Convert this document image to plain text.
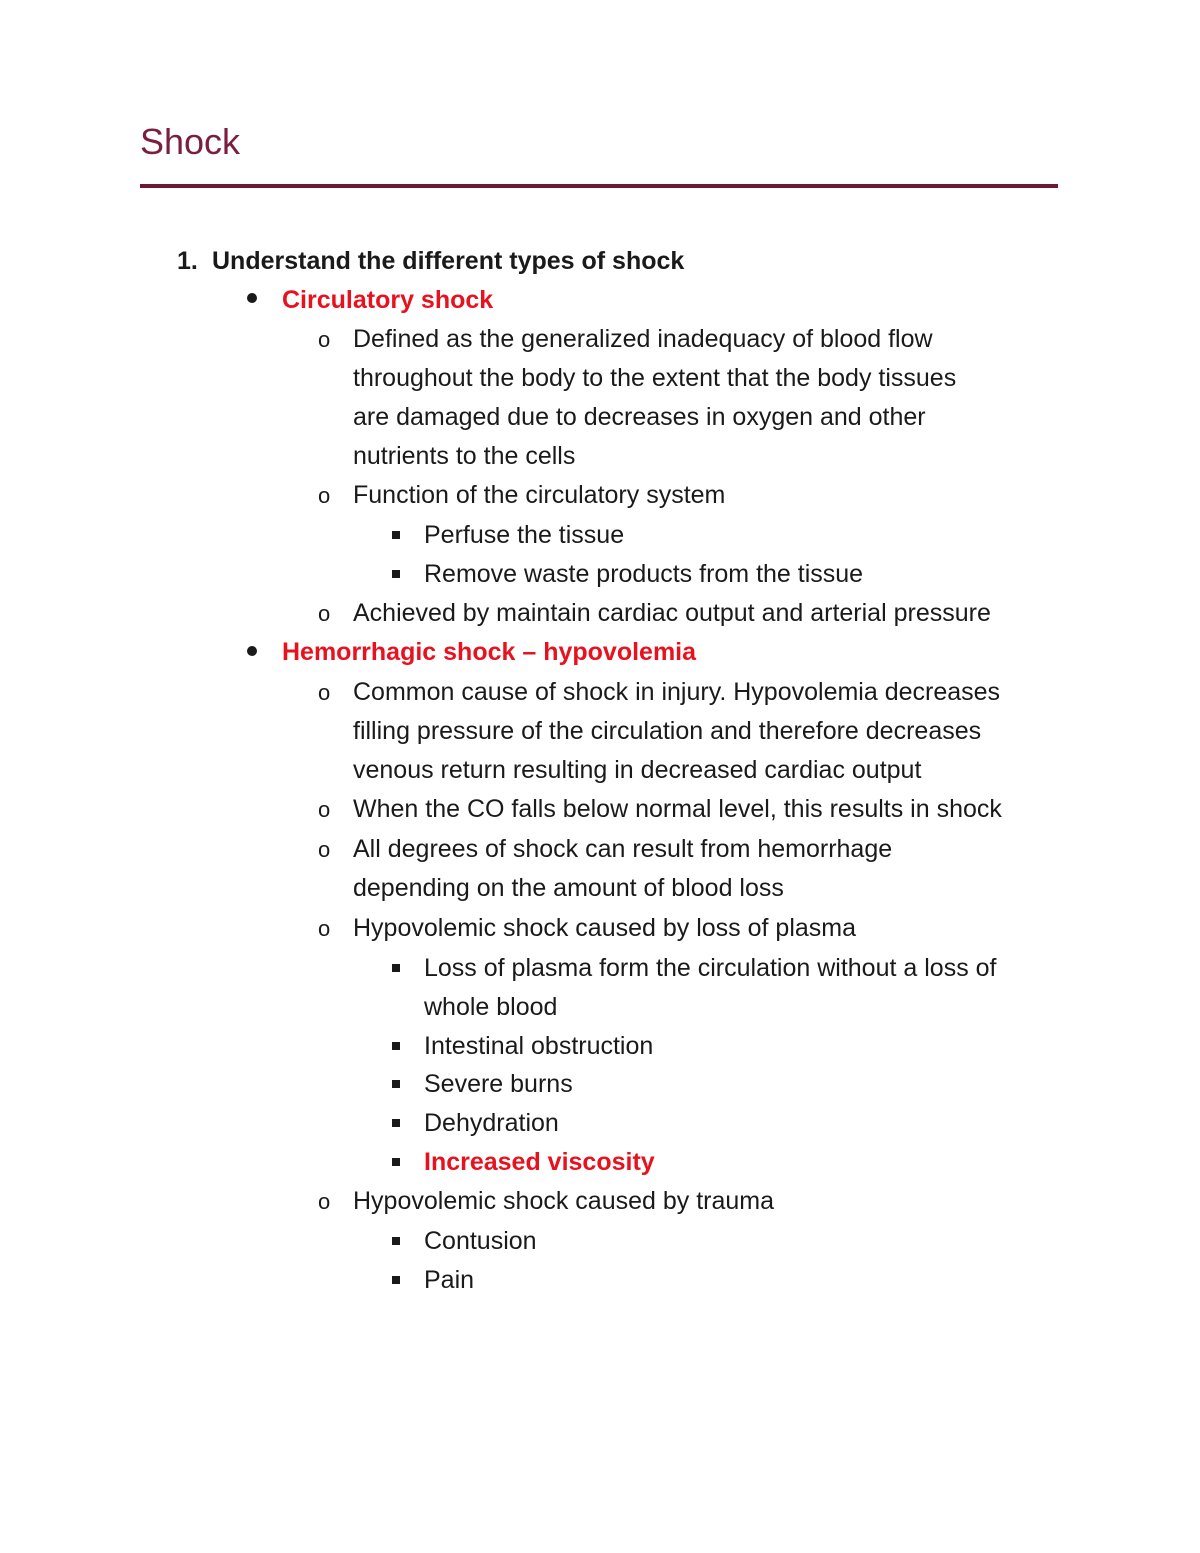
Shock
1. Understand the different types of shock
Circulatory shock
o Defined as the generalized inadequacy of blood flow
throughout the body to the extent that the body tissues
are damaged due to decreases in oxygen and other
nutrients to the cells
o Function of the circulatory system
Perfuse the tissue
Remove waste products from the tissue
o Achieved by maintain cardiac output and arterial pressure
Hemorrhagic shock – hypovolemia
o Common cause of shock in injury. Hypovolemia decreases
filling pressure of the circulation and therefore decreases
venous return resulting in decreased cardiac output
o When the CO falls below normal level, this results in shock
o All degrees of shock can result from hemorrhage
depending on the amount of blood loss
o Hypovolemic shock caused by loss of plasma
Loss of plasma form the circulation without a loss of
whole blood
Intestinal obstruction
Severe burns
Dehydration
Increased viscosity
o Hypovolemic shock caused by trauma
Contusion
Pain
